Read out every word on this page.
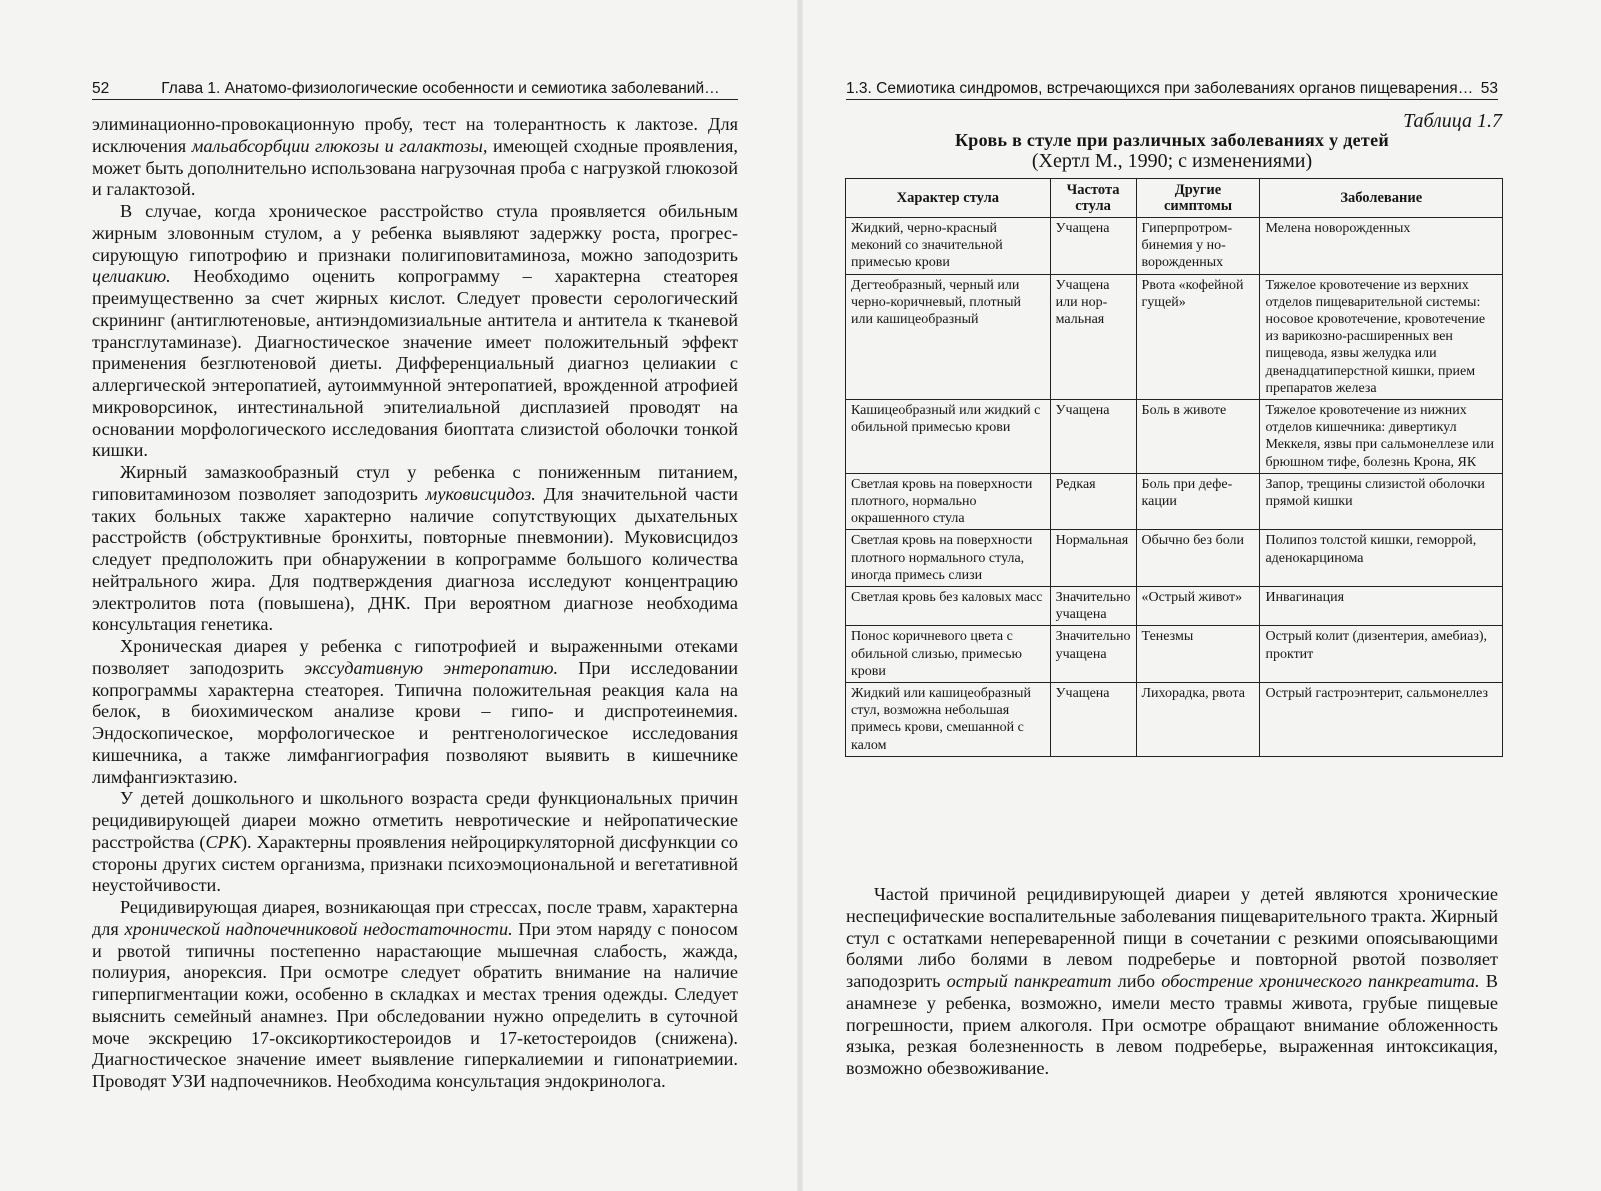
52	Глава 1. Анатомо-физиологические особенности и семиотика заболеваний…

элиминационно-провокационную пробу, тест на толерантность к лактозе. Для исключения мальабсорбции глюкозы и галактозы, имеющей сходные проявления, может быть дополнительно использована нагрузочная проба с нагрузкой глюкозой и галактозой.

В случае, когда хроническое расстройство стула проявляется обильным жирным зловонным стулом, а у ребенка выявляют задержку роста, прогрессирующую гипотрофию и признаки полигиповитаминоза, можно заподозрить целиакию. Необходимо оценить копрограмму – характерна стеаторея преимущественно за счет жирных кислот. Следует провести серологический скрининг (антиглютеновые, антиэндомизиальные антитела и антитела к тканевой трансглутаминазе). Диагностическое значение имеет положительный эффект применения безглютеновой диеты. Дифференциальный диагноз целиакии с аллергической энтеропатией, аутоиммунной энтеропатией, врожденной атрофией микроворсинок, интестинальной эпителиальной дисплазией проводят на основании морфологического исследования биоптата слизистой оболочки тонкой кишки.

Жирный замазкообразный стул у ребенка с пониженным питанием, гиповитаминозом позволяет заподозрить муковисцидоз. Для значительной части таких больных также характерно наличие сопутствующих дыхательных расстройств (обструктивные бронхиты, повторные пневмонии). Муковисцидоз следует предположить при обнаружении в копрограмме большого количества нейтрального жира. Для подтверждения диагноза исследуют концентрацию электролитов пота (повышена), ДНК. При вероятном диагнозе необходима консультация генетика.

Хроническая диарея у ребенка с гипотрофией и выраженными отеками позволяет заподозрить экссудативную энтеропатию. При исследовании копрограммы характерна стеаторея. Типична положительная реакция кала на белок, в биохимическом анализе крови – гипо- и диспротеинемия. Эндоскопическое, морфологическое и рентгенологическое исследования кишечника, а также лимфангиография позволяют выявить в кишечнике лимфангиэктазию.

У детей дошкольного и школьного возраста среди функциональных причин рецидивирующей диареи можно отметить невротические и нейропатические расстройства (СРК). Характерны проявления нейроциркуляторной дисфункции со стороны других систем организма, признаки психоэмоциональной и вегетативной неустойчивости.

Рецидивирующая диарея, возникающая при стрессах, после травм, характерна для хронической надпочечниковой недостаточности. При этом наряду с поносом и рвотой типичны постепенно нарастающие мышечная слабость, жажда, полиурия, анорексия. При осмотре следует обратить внимание на наличие гиперпигментации кожи, особенно в складках и местах трения одежды. Следует выяснить семейный анамнез. При обследовании нужно определить в суточной моче экскрецию 17-оксикортикостероидов и 17-кетостероидов (снижена). Диагностическое значение имеет выявление гиперкалиемии и гипонатриемии. Проводят УЗИ надпочечников. Необходима консультация эндокринолога.

1.3. Семиотика синдромов, встречающихся при заболеваниях органов пищеварения… 53
Таблица 1.7
Кровь в стуле при различных заболеваниях у детей
(Хертл М., 1990; с изменениями)
Характер стула	Частота стула	Другие симптомы	Заболевание
Жидкий, черно-красный меконий со значительной примесью крови	Учащена	Гиперпротромбинемия у новорожденных	Мелена новорожденных
Дегтеобразный, черный или черно-коричневый, плотный или кашицеобразный	Учащена или нормальная	Рвота «кофейной гущей»	Тяжелое кровотечение из верхних отделов пищеварительной системы: носовое кровотечение, кровотечение из варикозно-расширенных вен пищевода, язвы желудка или двенадцатиперстной кишки, прием препаратов железа
Кашицеобразный или жидкий с обильной примесью крови	Учащена	Боль в животе	Тяжелое кровотечение из нижних отделов кишечника: дивертикул Меккеля, язвы при сальмонеллезе или брюшном тифе, болезнь Крона, ЯК
Светлая кровь на поверхности плотного, нормально окрашенного стула	Редкая	Боль при дефекации	Запор, трещины слизистой оболочки прямой кишки
Светлая кровь на поверхности плотного нормального стула, иногда примесь слизи	Нормальная	Обычно без боли	Полипоз толстой кишки, геморрой, аденокарцинома
Светлая кровь без каловых масс	Значительно учащена	«Острый живот»	Инвагинация
Понос коричневого цвета с обильной слизью, примесью крови	Значительно учащена	Тенезмы	Острый колит (дизентерия, амебиаз), проктит
Жидкий или кашицеобразный стул, возможна небольшая примесь крови, смешанной с калом	Учащена	Лихорадка, рвота	Острый гастроэнтерит, сальмонеллез

Частой причиной рецидивирующей диареи у детей являются хронические неспецифические воспалительные заболевания пищеварительного тракта. Жирный стул с остатками непереваренной пищи в сочетании с резкими опоясывающими болями либо болями в левом подреберье и повторной рвотой позволяет заподозрить острый панкреатит либо обострение хронического панкреатита. В анамнезе у ребенка, возможно, имели место травмы живота, грубые пищевые погрешности, прием алкоголя. При осмотре обращают внимание обложенность языка, резкая болезненность в левом подреберье, выраженная интоксикация, возможно обезвоживание.
